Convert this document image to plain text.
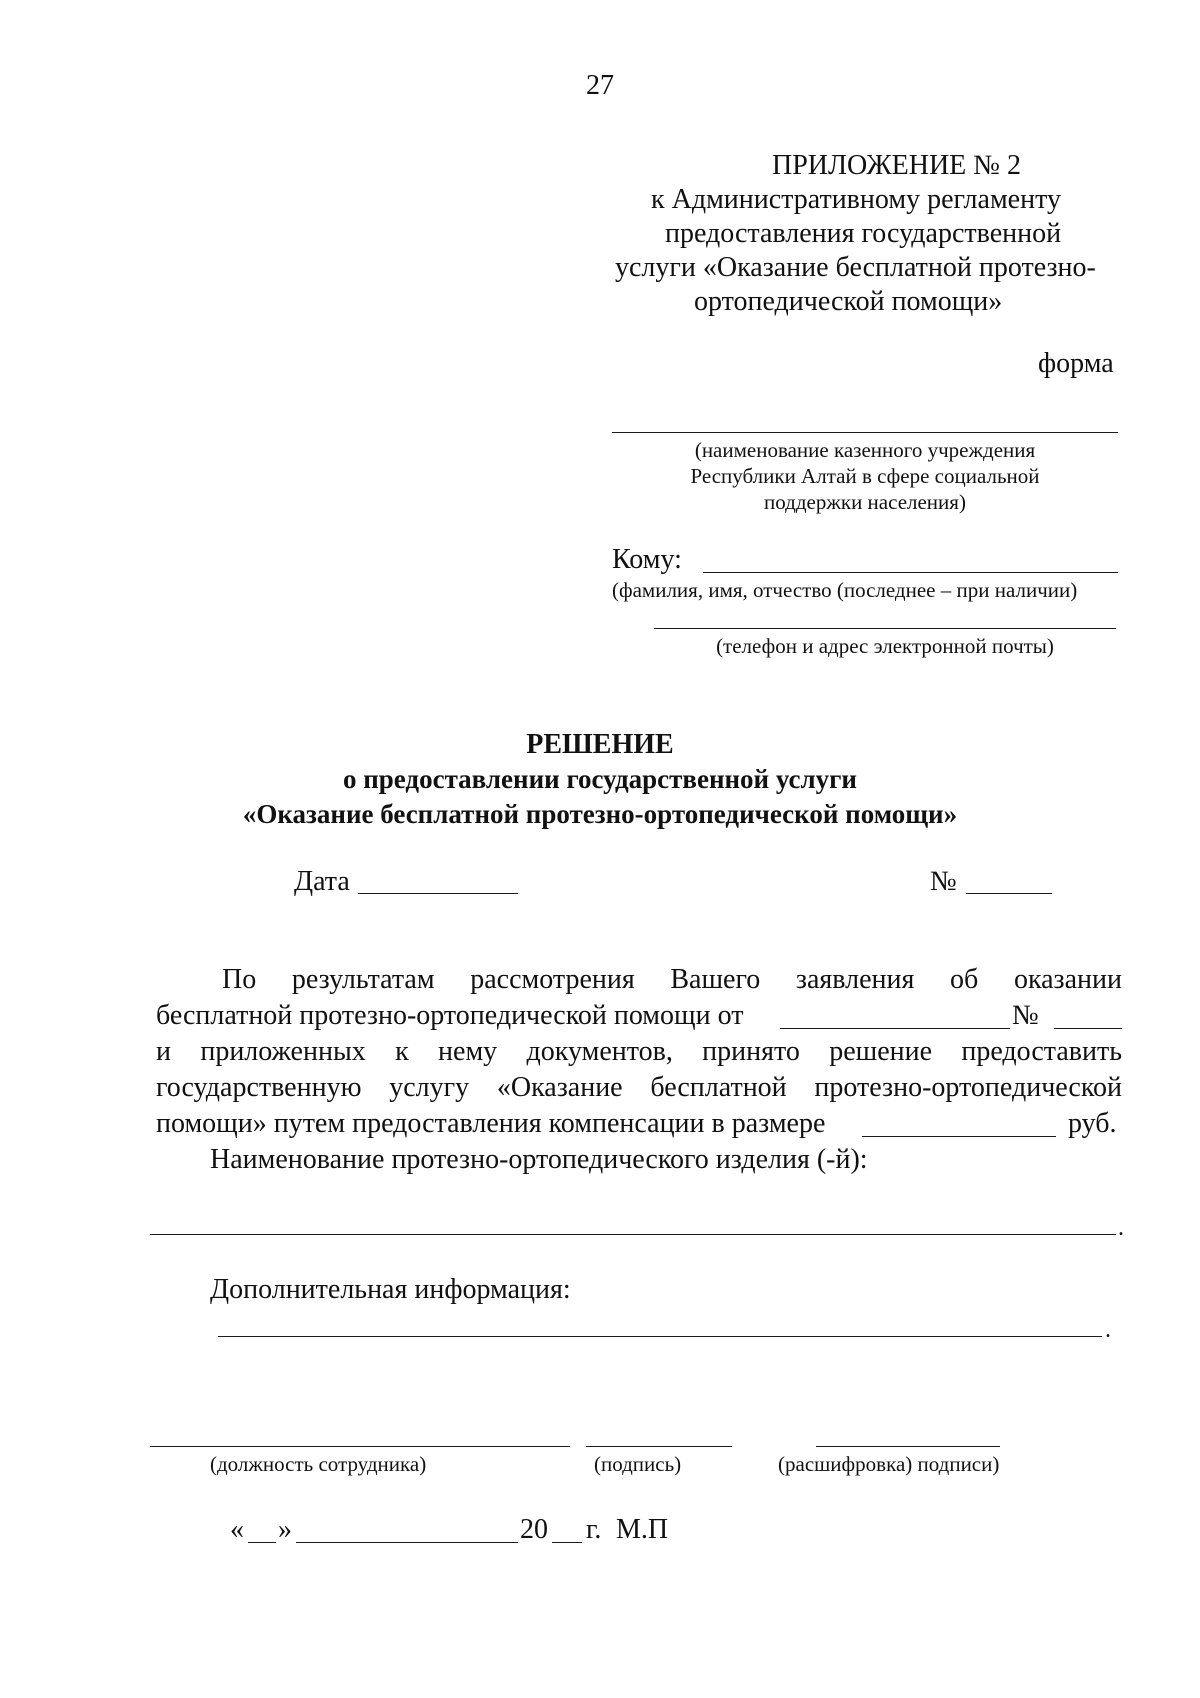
27
ПРИЛОЖЕНИЕ № 2
к Административному регламенту
предоставления государственной
услуги «Оказание бесплатной протезно-
ортопедической помощи»
форма
(наименование казенного учреждения
Республики Алтай в сфере социальной
поддержки населения)
Кому:
(фамилия, имя, отчество (последнее – при наличии)
(телефон и адрес электронной почты)
РЕШЕНИЕ
о предоставлении государственной услуги
«Оказание бесплатной протезно-ортопедической помощи»
Дата	№
По результатам рассмотрения Вашего заявления об оказании
бесплатной протезно-ортопедической помощи от	№
и приложенных к нему документов, принято решение предоставить
государственную услугу «Оказание бесплатной протезно-ортопедической
помощи» путем предоставления компенсации в размере	руб.
Наименование протезно-ортопедического изделия (-й):
.
Дополнительная информация:
.
(должность сотрудника)	(подпись)	(расшифровка) подписи)
« »	20 г. М.П
